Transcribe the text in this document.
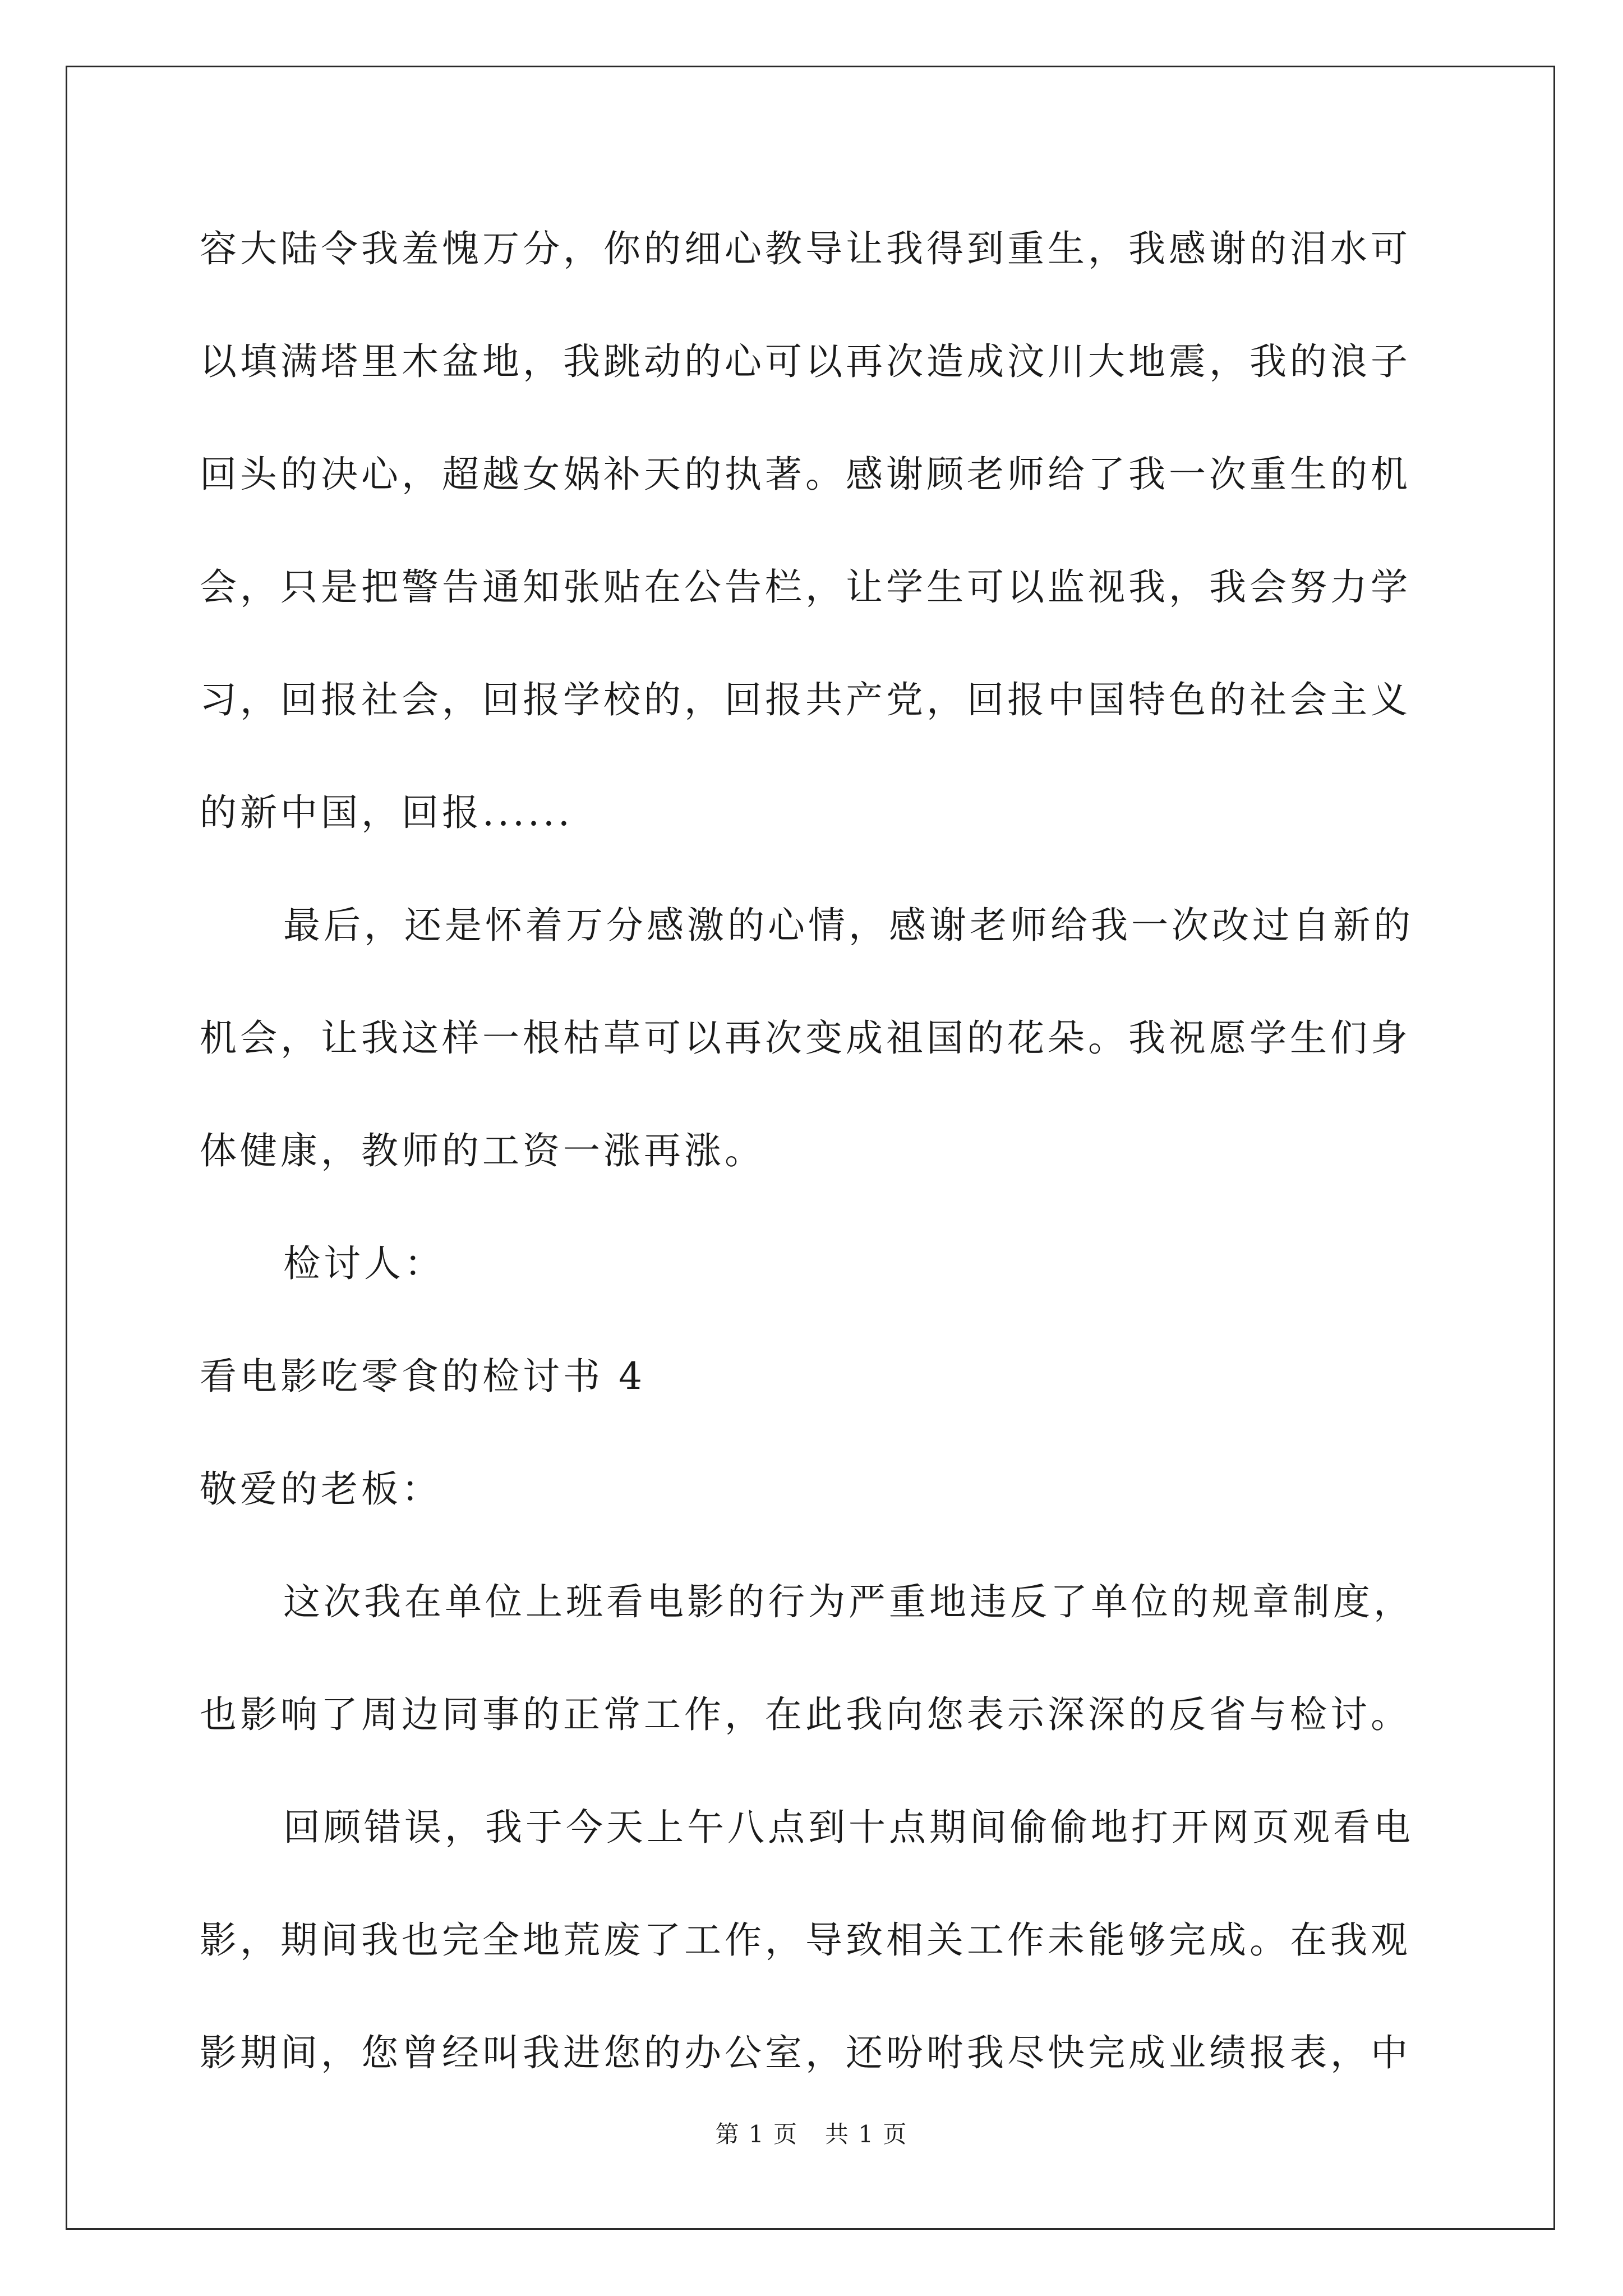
容大陆令我羞愧万分，你的细心教导让我得到重生，我感谢的泪水可
以填满塔里木盆地，我跳动的心可以再次造成汶川大地震，我的浪子
回头的决心，超越女娲补天的执著。感谢顾老师给了我一次重生的机
会，只是把警告通知张贴在公告栏，让学生可以监视我，我会努力学
习，回报社会，回报学校的，回报共产党，回报中国特色的社会主义
的新中国，回报......
最后，还是怀着万分感激的心情，感谢老师给我一次改过自新的
机会，让我这样一根枯草可以再次变成祖国的花朵。我祝愿学生们身
体健康，教师的工资一涨再涨。
检讨人：
看电影吃零食的检讨书 4
敬爱的老板：
这次我在单位上班看电影的行为严重地违反了单位的规章制度，
也影响了周边同事的正常工作，在此我向您表示深深的反省与检讨。
回顾错误，我于今天上午八点到十点期间偷偷地打开网页观看电
影，期间我也完全地荒废了工作，导致相关工作未能够完成。在我观
影期间，您曾经叫我进您的办公室，还吩咐我尽快完成业绩报表，中
第 1 页 共 1 页
